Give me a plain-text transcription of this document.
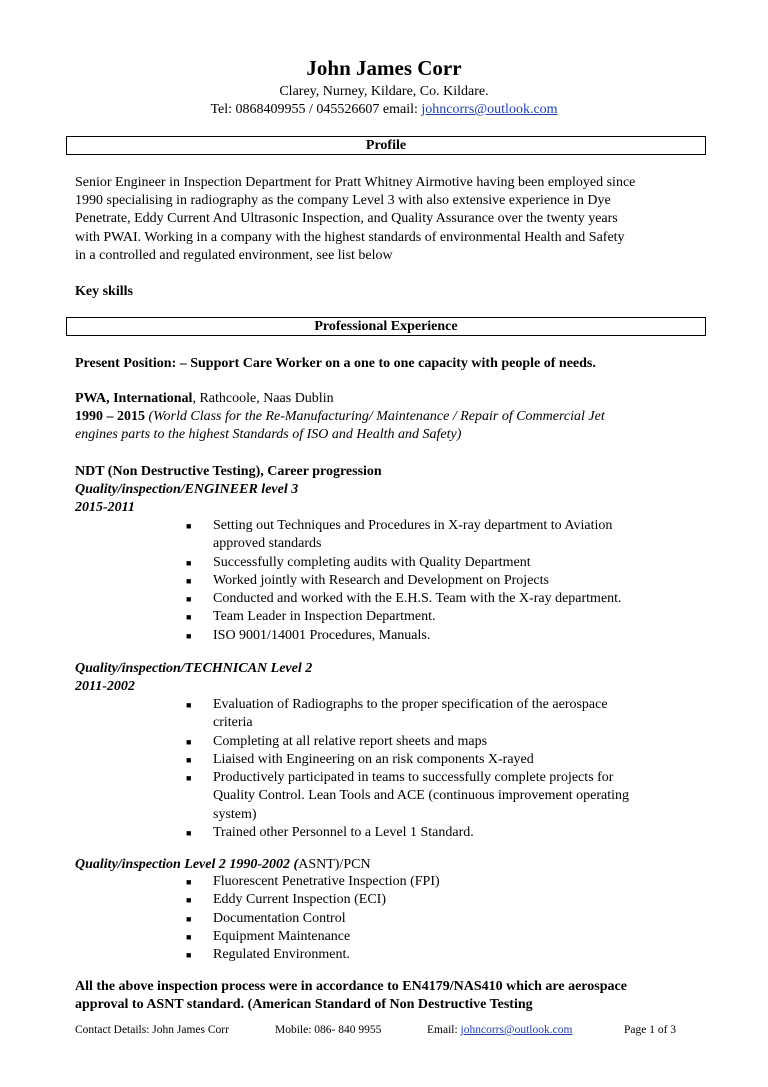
John James Corr
Clarey, Nurney, Kildare, Co. Kildare.
Tel: 0868409955 / 045526607 email: johncorrs@outlook.com
Profile
Senior Engineer in Inspection Department for Pratt Whitney Airmotive having been employed since
1990 specialising in radiography as the company Level 3 with also extensive experience in Dye
Penetrate, Eddy Current And Ultrasonic Inspection, and Quality Assurance over the twenty years
with PWAI. Working in a company with the highest standards of environmental Health and Safety
in a controlled and regulated environment, see list below
Key skills
Professional Experience
Present Position: – Support Care Worker on a one to one capacity with people of needs.
PWA, International, Rathcoole, Naas Dublin
1990 – 2015 (World Class for the Re-Manufacturing/ Maintenance / Repair of Commercial Jet
engines parts to the highest Standards of ISO and Health and Safety)
NDT (Non Destructive Testing), Career progression
Quality/inspection/ENGINEER level 3
2015-2011
■	Setting out Techniques and Procedures in X-ray department to Aviation
approved standards
■	Successfully completing audits with Quality Department
■	Worked jointly with Research and Development on Projects
■	Conducted and worked with the E.H.S. Team with the X-ray department.
■	Team Leader in Inspection Department.
■	ISO 9001/14001 Procedures, Manuals.
Quality/inspection/TECHNICAN Level 2
2011-2002
■	Evaluation of Radiographs to the proper specification of the aerospace
criteria
■	Completing at all relative report sheets and maps
■	Liaised with Engineering on an risk components X-rayed
■	Productively participated in teams to successfully complete projects for
Quality Control. Lean Tools and ACE (continuous improvement operating
system)
■	Trained other Personnel to a Level 1 Standard.
Quality/inspection Level 2 1990-2002 (ASNT)/PCN
■	Fluorescent Penetrative Inspection (FPI)
■	Eddy Current Inspection (ECI)
■	Documentation Control
■	Equipment Maintenance
■	Regulated Environment.
All the above inspection process were in accordance to EN4179/NAS410 which are aerospace
approval to ASNT standard. (American Standard of Non Destructive Testing
Contact Details: John James Corr	Mobile: 086- 840 9955	Email: johncorrs@outlook.com	Page 1 of 3
